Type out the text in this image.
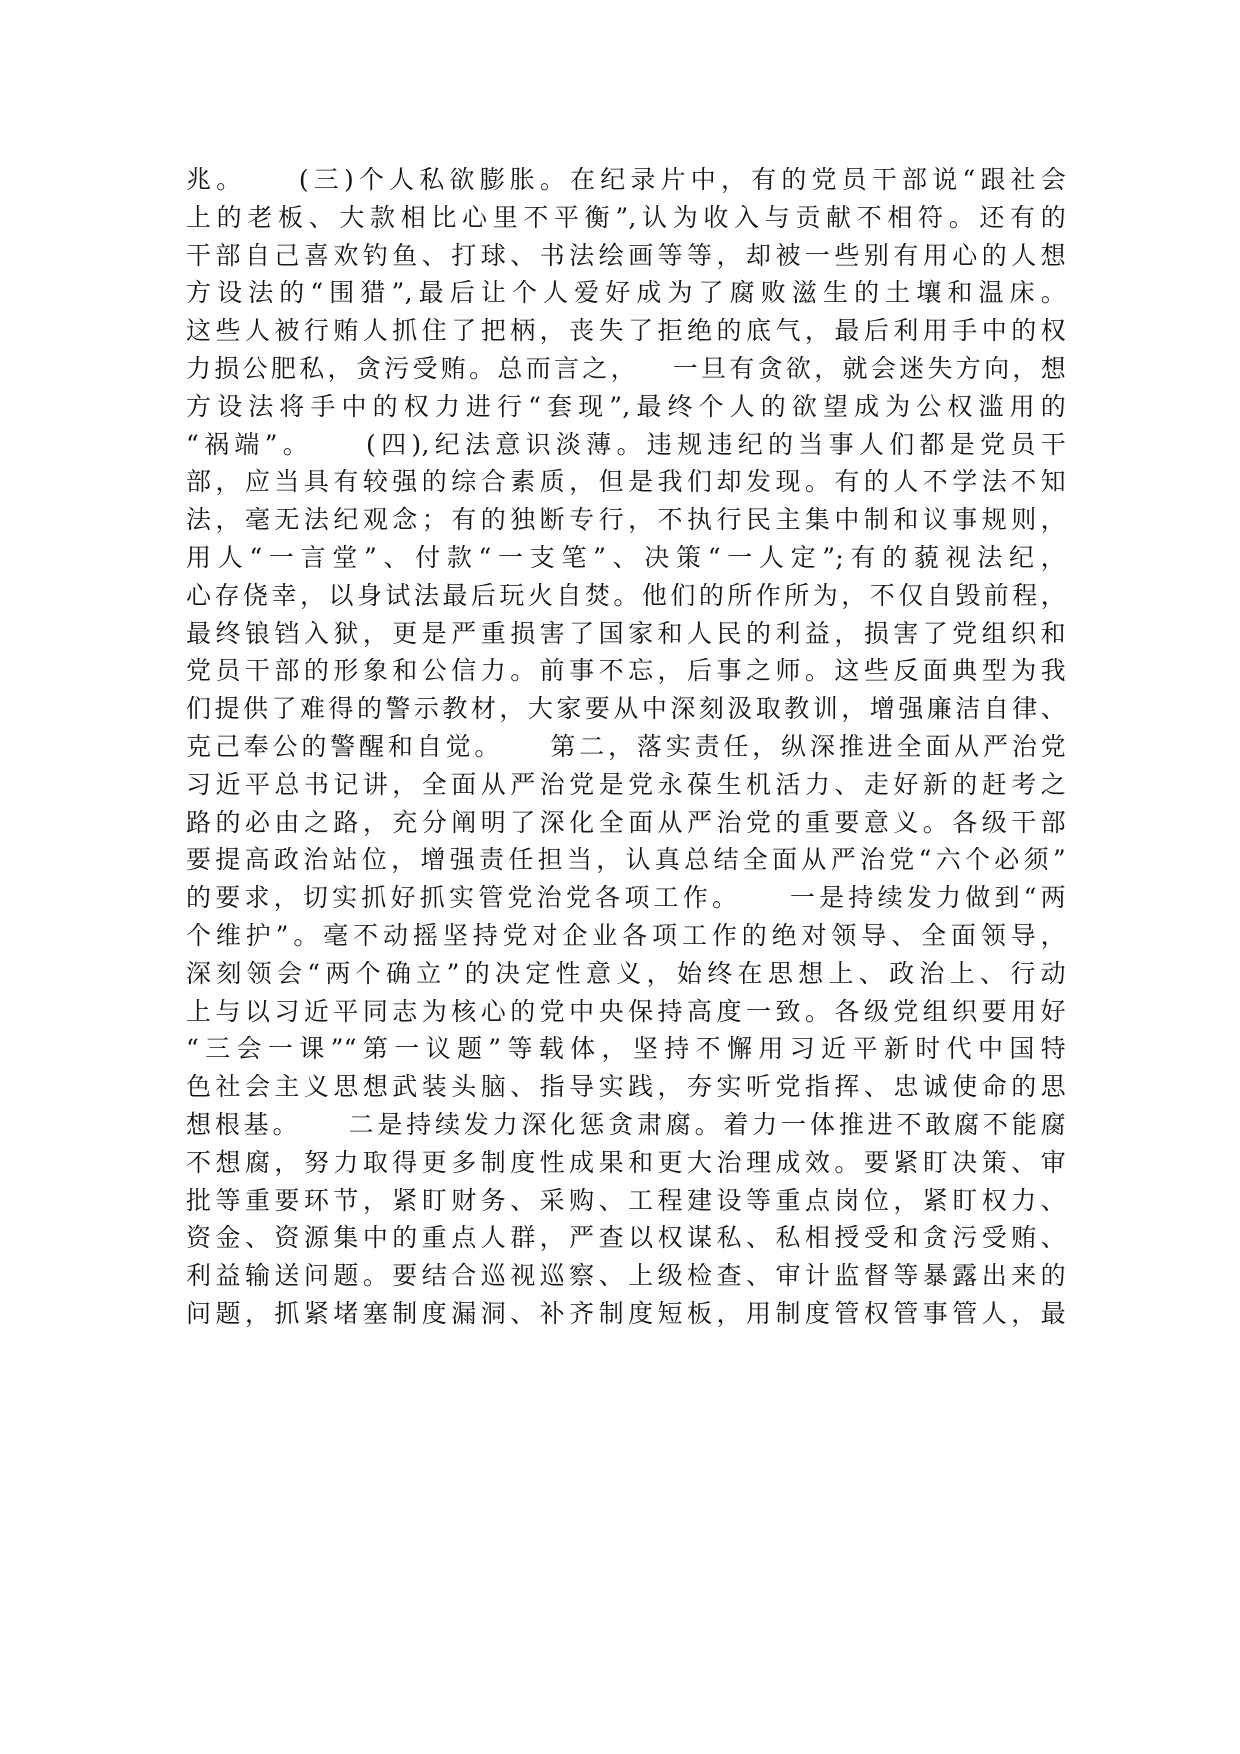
兆。    (三)个人私欲膨胀。在纪录片中，有的党员干部说“跟社会
上的老板、大款相比心里不平衡”,认为收入与贡献不相符。还有的
干部自己喜欢钓鱼、打球、书法绘画等等，却被一些别有用心的人想
方设法的“围猎”,最后让个人爱好成为了腐败滋生的土壤和温床。
这些人被行贿人抓住了把柄，丧失了拒绝的底气，最后利用手中的权
力损公肥私，贪污受贿。总而言之，   一旦有贪欲，就会迷失方向，想
方设法将手中的权力进行“套现”,最终个人的欲望成为公权滥用的
“祸端”。    (四),纪法意识淡薄。违规违纪的当事人们都是党员干
部，应当具有较强的综合素质，但是我们却发现。有的人不学法不知
法，毫无法纪观念；有的独断专行，不执行民主集中制和议事规则，
用人“一言堂”、付款“一支笔”、决策“一人定”;有的藐视法纪，
心存侥幸，以身试法最后玩火自焚。他们的所作所为，不仅自毁前程，
最终锒铛入狱，更是严重损害了国家和人民的利益，损害了党组织和
党员干部的形象和公信力。前事不忘，后事之师。这些反面典型为我
们提供了难得的警示教材，大家要从中深刻汲取教训，增强廉洁自律、
克己奉公的警醒和自觉。    第二，落实责任，纵深推进全面从严治党
习近平总书记讲，全面从严治党是党永葆生机活力、走好新的赶考之
路的必由之路，充分阐明了深化全面从严治党的重要意义。各级干部
要提高政治站位，增强责任担当，认真总结全面从严治党“六个必须”
的要求，切实抓好抓实管党治党各项工作。    一是持续发力做到“两
个维护”。毫不动摇坚持党对企业各项工作的绝对领导、全面领导，
深刻领会“两个确立”的决定性意义，始终在思想上、政治上、行动
上与以习近平同志为核心的党中央保持高度一致。各级党组织要用好
“三会一课”“第一议题”等载体，坚持不懈用习近平新时代中国特
色社会主义思想武装头脑、指导实践，夯实听党指挥、忠诚使命的思
想根基。    二是持续发力深化惩贪肃腐。着力一体推进不敢腐不能腐
不想腐，努力取得更多制度性成果和更大治理成效。要紧盯决策、审
批等重要环节，紧盯财务、采购、工程建设等重点岗位，紧盯权力、
资金、资源集中的重点人群，严查以权谋私、私相授受和贪污受贿、
利益输送问题。要结合巡视巡察、上级检查、审计监督等暴露出来的
问题，抓紧堵塞制度漏洞、补齐制度短板，用制度管权管事管人，最
